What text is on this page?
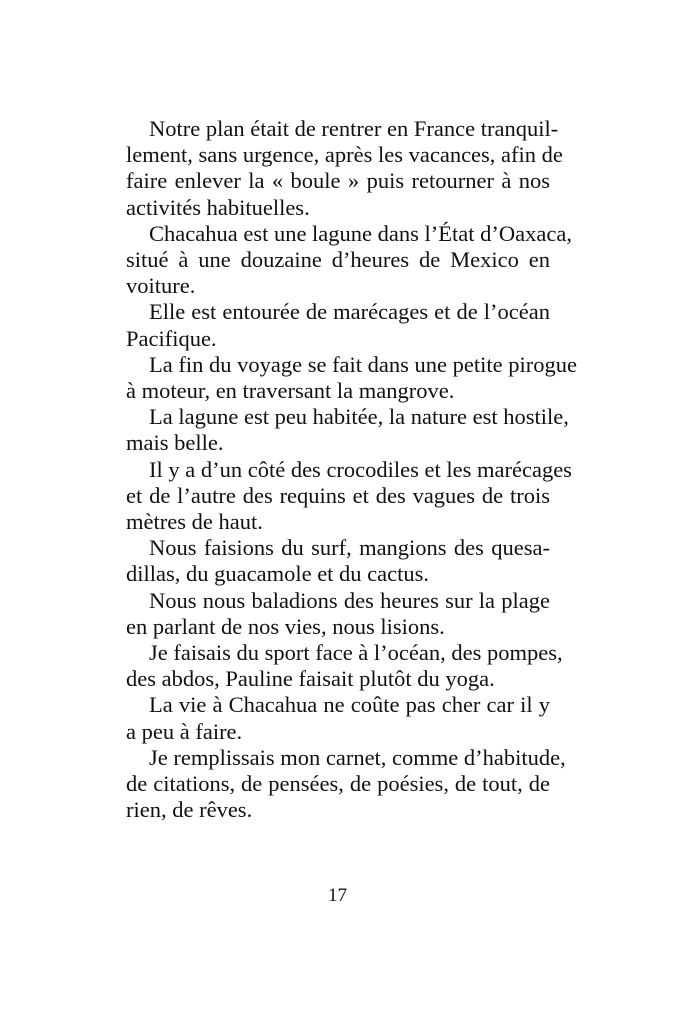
Notre plan était de rentrer en France tranquil-
lement, sans urgence, après les vacances, afin de
faire enlever la « boule » puis retourner à nos
activités habituelles.
Chacahua est une lagune dans l’État d’Oaxaca,
situé à une douzaine d’heures de Mexico en
voiture.
Elle est entourée de marécages et de l’océan
Pacifique.
La fin du voyage se fait dans une petite pirogue
à moteur, en traversant la mangrove.
La lagune est peu habitée, la nature est hostile,
mais belle.
Il y a d’un côté des crocodiles et les marécages
et de l’autre des requins et des vagues de trois
mètres de haut.
Nous faisions du surf, mangions des quesa-
dillas, du guacamole et du cactus.
Nous nous baladions des heures sur la plage
en parlant de nos vies, nous lisions.
Je faisais du sport face à l’océan, des pompes,
des abdos, Pauline faisait plutôt du yoga.
La vie à Chacahua ne coûte pas cher car il y
a peu à faire.
Je remplissais mon carnet, comme d’habitude,
de citations, de pensées, de poésies, de tout, de
rien, de rêves.
17
